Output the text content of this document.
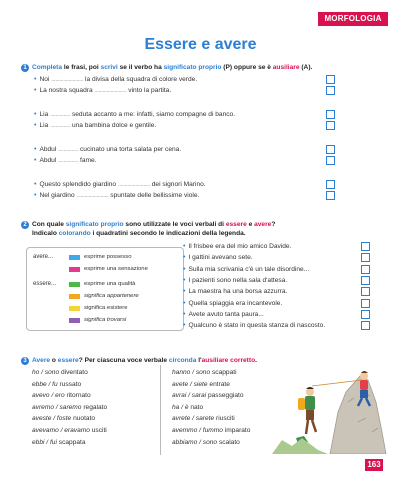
MORFOLOGIA
Essere e avere
1 Completa le frasi, poi scrivi se il verbo ha significato proprio (P) oppure se è ausiliare (A).
• Noi ........................ la divisa della squadra di colore verde.
• La nostra squadra ........................ vinto la partita.
• Lia ............... seduta accanto a me: infatti, siamo compagne di banco.
• Lia ............... una bambina dolce e gentile.
• Abdul ............... cucinato una torta salata per cena.
• Abdul ............... fame.
• Questo splendido giardino ........................ dei signori Marino.
• Nel giardino ........................ spuntate delle bellissime viole.
2 Con quale significato proprio sono utilizzate le voci verbali di essere e avere?
Indicalo colorando i quadratini secondo le indicazioni della legenda.
avere...
essere...
esprime possesso
esprime una sensazione
esprime una qualità
significa appartenere
significa esistere
significa trovarsi
• Il frisbee era del mio amico Davide.
• I gattini avevano sete.
• Sulla mia scrivania c'è un tale disordine...
• I pazienti sono nella sala d'attesa.
• La maestra ha una borsa azzurra.
• Quella spiaggia era incantevole.
• Avete avuto tanta paura...
• Qualcuno è stato in questa stanza di nascosto.
3 Avere o essere? Per ciascuna voce verbale circonda l'ausiliare corretto.
ho / sono diventato
ebbe / fu russato
avevo / ero ritornato
avremo / saremo regalato
aveste / foste nuotato
avevamo / eravamo usciti
ebbi / fui scappata
hanno / sono scappati
avete / siete entrate
avrai / sarai passeggiato
ha / è nato
avrete / sarete riusciti
avemmo / fummo imparato
abbiamo / sono scalato
163
